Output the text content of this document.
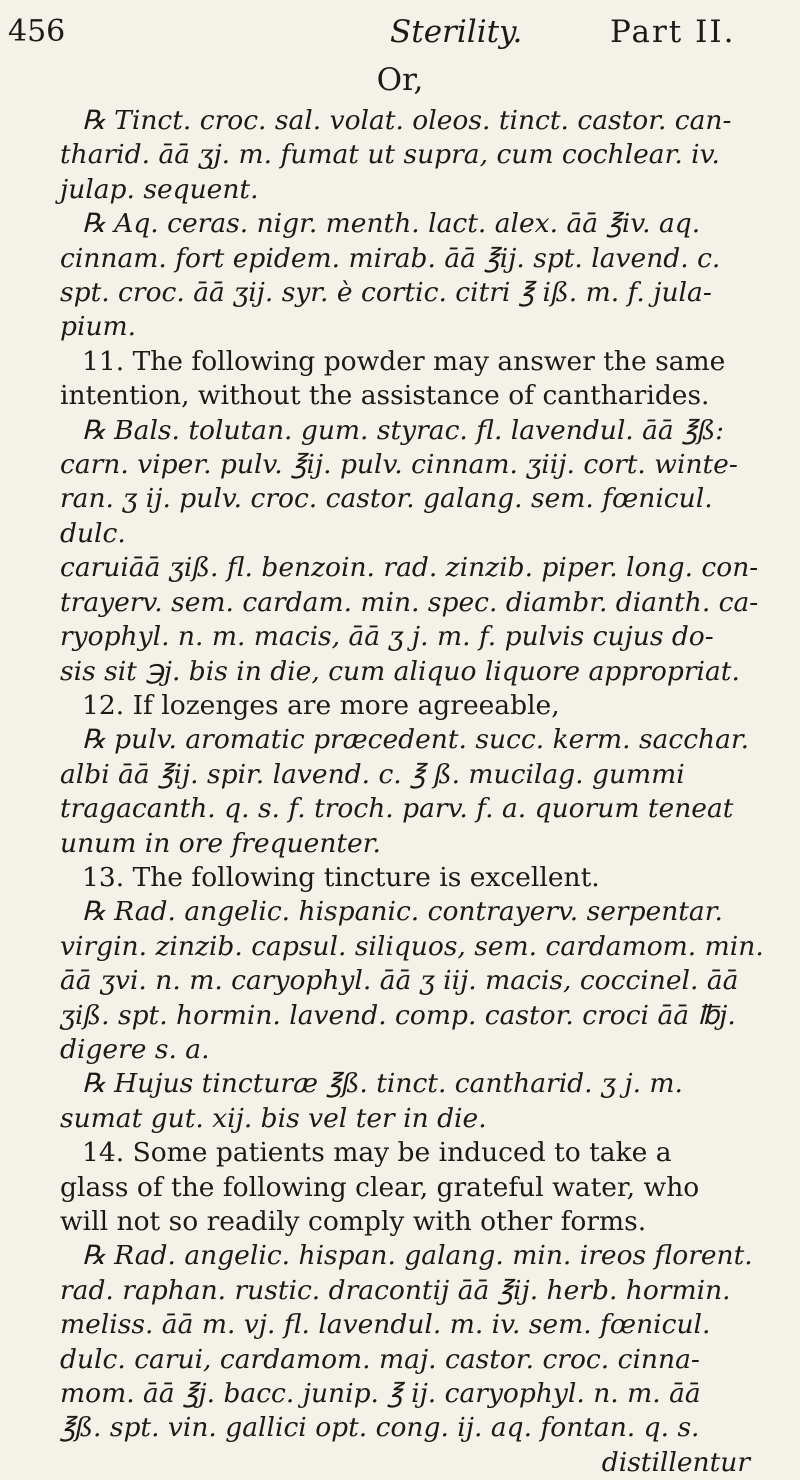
456	Sterility.	Part II.
Or,

℞ Tinct. croc. sal. volat. oleos. tinct. castor. can-

tharid. āā ʒj. m. fumat ut supra, cum cochlear. iv.

julap. sequent.

℞ Aq. ceras. nigr. menth. lact. alex. āā ℥iv. aq.

cinnam. fort epidem. mirab. āā ℥ij. spt. lavend. c.

spt. croc. āā ʒij. syr. è cortic. citri ℥ iß. m. f. jula-

pium.

11. The following powder may answer the same

intention, without the assistance of cantharides.

℞ Bals. tolutan. gum. styrac. fl. lavendul. āā ℥ß:

carn. viper. pulv. ℥ij. pulv. cinnam. ʒiij. cort. winte-

ran. ʒ ij. pulv. croc. castor. galang. sem. fœnicul. dulc.

caruiāā ʒiß. fl. benzoin. rad. zinzib. piper. long. con-

trayerv. sem. cardam. min. spec. diambr. dianth. ca-

ryophyl. n. m. macis, āā ʒ j. m. f. pulvis cujus do-

sis sit ℈j. bis in die, cum aliquo liquore appropriat.

12. If lozenges are more agreeable,

℞ pulv. aromatic præcedent. succ. kerm. sacchar.

albi āā ℥ij. spir. lavend. c. ℥ ß. mucilag. gummi

tragacanth. q. s. f. troch. parv. f. a. quorum teneat

unum in ore frequenter.

13. The following tincture is excellent.

℞ Rad. angelic. hispanic. contrayerv. serpentar.

virgin. zinzib. capsul. siliquos, sem. cardamom. min.

āā ʒvi. n. m. caryophyl. āā ʒ iij. macis, coccinel. āā

ʒiß. spt. hormin. lavend. comp. castor. croci āā ℔j.

digere s. a.

℞ Hujus tincturæ ℥ß. tinct. cantharid. ʒ j. m.

sumat gut. xij. bis vel ter in die.

14. Some patients may be induced to take a

glass of the following clear, grateful water, who

will not so readily comply with other forms.

℞ Rad. angelic. hispan. galang. min. ireos florent.

rad. raphan. rustic. dracontij āā ℥ij. herb. hormin.

meliss. āā m. vj. fl. lavendul. m. iv. sem. fœnicul.

dulc. carui, cardamom. maj. castor. croc. cinna-

mom. āā ℥j. bacc. junip. ℥ ij. caryophyl. n. m. āā

℥ß. spt. vin. gallici opt. cong. ij. aq. fontan. q. s.

distillentur
